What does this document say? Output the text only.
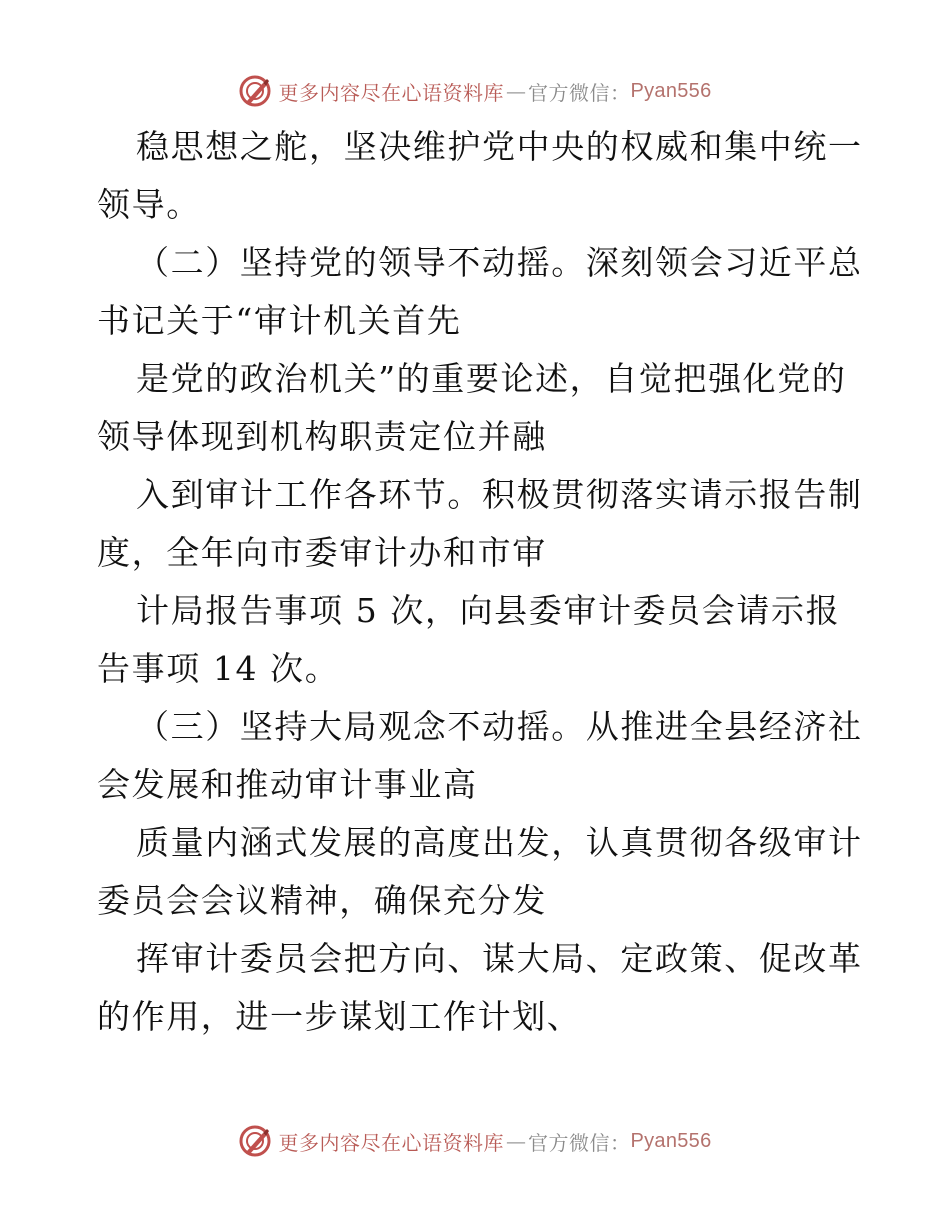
更多内容尽在心语资料库 — 官方微信： Pyan556
稳思想之舵，坚决维护党中央的权威和集中统一
领导。
（二）坚持党的领导不动摇。深刻领会习近平总
书记关于“审计机关首先
是党的政治机关”的重要论述，自觉把强化党的
领导体现到机构职责定位并融
入到审计工作各环节。积极贯彻落实请示报告制
度，全年向市委审计办和市审
计局报告事项 5 次，向县委审计委员会请示报
告事项 14 次。
（三）坚持大局观念不动摇。从推进全县经济社
会发展和推动审计事业高
质量内涵式发展的高度出发，认真贯彻各级审计
委员会会议精神，确保充分发
挥审计委员会把方向、谋大局、定政策、促改革
的作用，进一步谋划工作计划、
更多内容尽在心语资料库 — 官方微信： Pyan556
